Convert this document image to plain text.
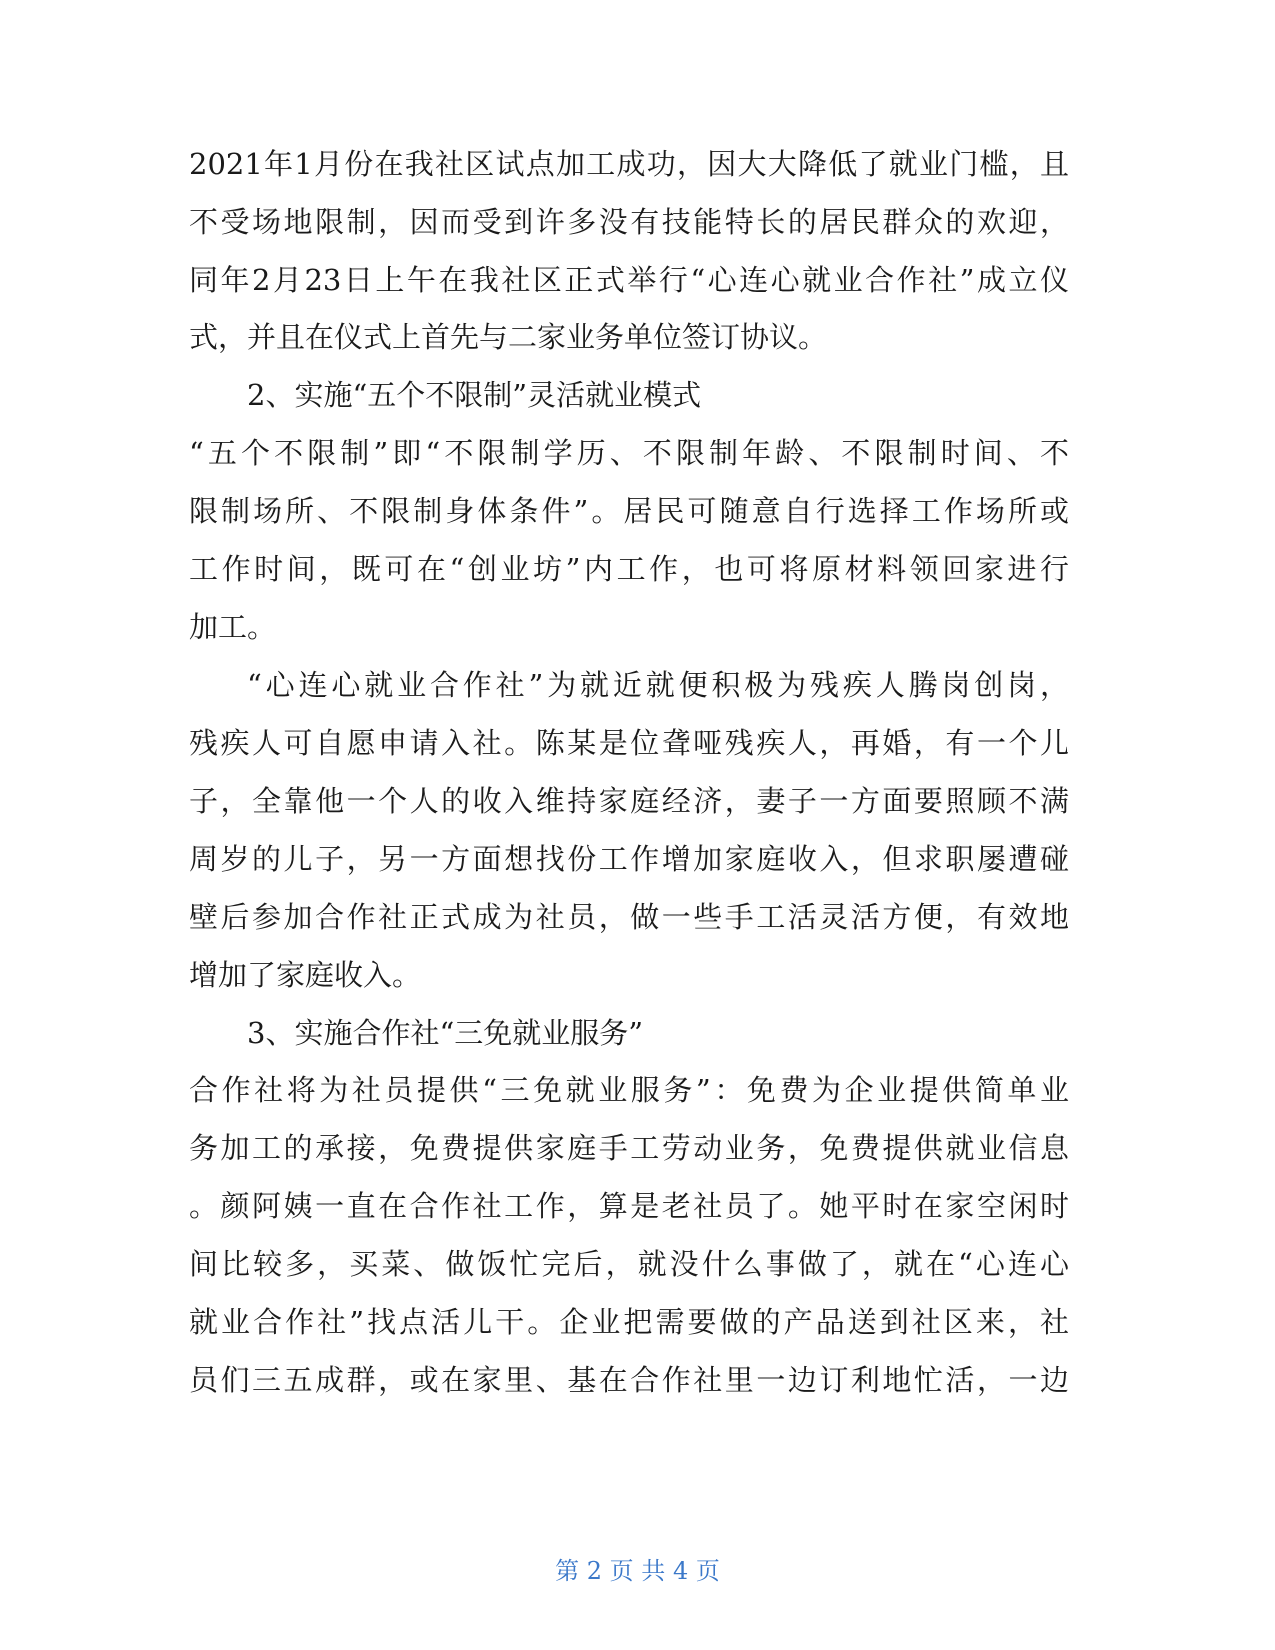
2021年1月份在我社区试点加工成功，因大大降低了就业门槛，且
不受场地限制，因而受到许多没有技能特长的居民群众的欢迎，
同年2月23日上午在我社区正式举行“心连心就业合作社”成立仪
式，并且在仪式上首先与二家业务单位签订协议。
2、实施“五个不限制”灵活就业模式
“五个不限制”即“不限制学历、不限制年龄、不限制时间、不
限制场所、不限制身体条件”。居民可随意自行选择工作场所或
工作时间，既可在“创业坊”内工作，也可将原材料领回家进行
加工。
“心连心就业合作社”为就近就便积极为残疾人腾岗创岗，
残疾人可自愿申请入社。陈某是位聋哑残疾人，再婚，有一个儿
子，全靠他一个人的收入维持家庭经济，妻子一方面要照顾不满
周岁的儿子，另一方面想找份工作增加家庭收入，但求职屡遭碰
壁后参加合作社正式成为社员，做一些手工活灵活方便，有效地
增加了家庭收入。
3、实施合作社“三免就业服务”
合作社将为社员提供“三免就业服务”：免费为企业提供简单业
务加工的承接，免费提供家庭手工劳动业务，免费提供就业信息
。颜阿姨一直在合作社工作，算是老社员了。她平时在家空闲时
间比较多，买菜、做饭忙完后，就没什么事做了，就在“心连心
就业合作社”找点活儿干。企业把需要做的产品送到社区来，社
员们三五成群，或在家里、基在合作社里一边订利地忙活，一边
第 2 页 共 4 页
